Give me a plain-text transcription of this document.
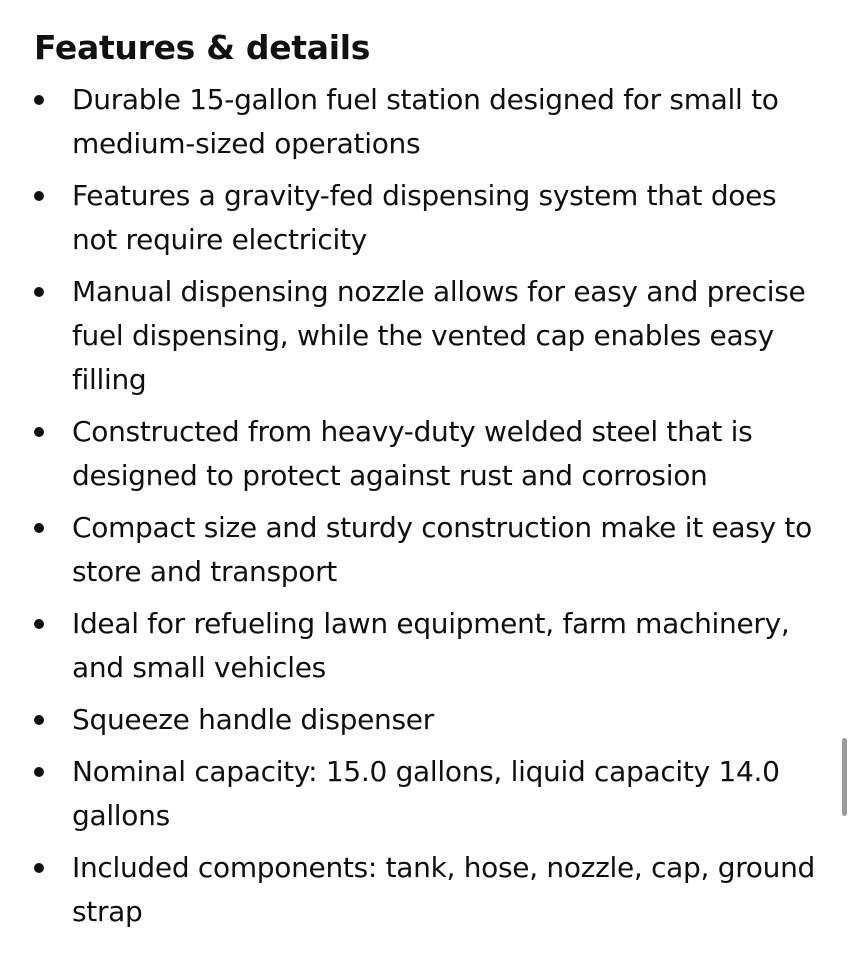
Features & details
Durable 15-gallon fuel station designed for small to medium-sized operations
Features a gravity-fed dispensing system that does not require electricity
Manual dispensing nozzle allows for easy and precise fuel dispensing, while the vented cap enables easy filling
Constructed from heavy-duty welded steel that is designed to protect against rust and corrosion
Compact size and sturdy construction make it easy to store and transport
Ideal for refueling lawn equipment, farm machinery, and small vehicles
Squeeze handle dispenser
Nominal capacity: 15.0 gallons, liquid capacity 14.0 gallons
Included components: tank, hose, nozzle, cap, ground strap
